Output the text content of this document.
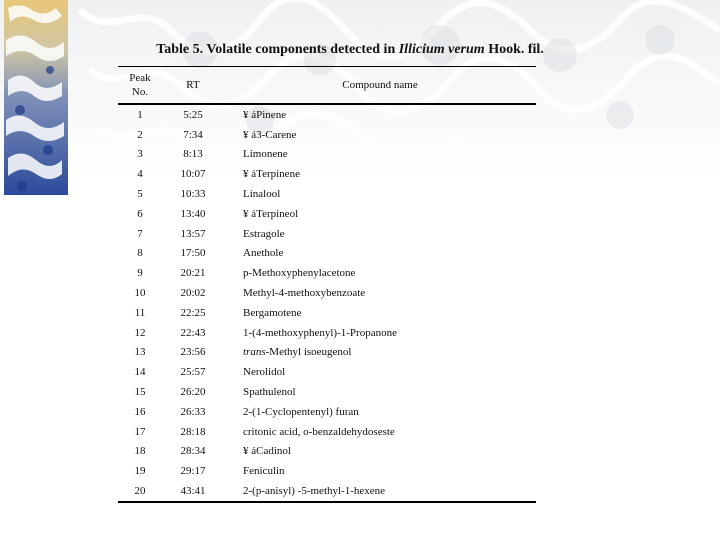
Table 5. Volatile components detected in Illicium verum Hook. fil.
Peak
No.	RT	Compound name
1	5:25	¥ áPinene
2	7:34	¥ á3-Carene
3	8:13	Limonene
4	10:07	¥ áTerpinene
5	10:33	Linalool
6	13:40	¥ áTerpineol
7	13:57	Estragole
8	17:50	Anethole
9	20:21	p-Methoxyphenylacetone
10	20:02	Methyl-4-methoxybenzoate
11	22:25	Bergamotene
12	22:43	1-(4-methoxyphenyl)-1-Propanone
13	23:56	trans-Methyl isoeugenol
14	25:57	Nerolidol
15	26:20	Spathulenol
16	26:33	2-(1-Cyclopentenyl) furan
17	28:18	critonic acid, o-benzaldehydoseste
18	28:34	¥ áCadinol
19	29:17	Feniculin
20	43:41	2-(p-anisyl) -5-methyl-1-hexene
